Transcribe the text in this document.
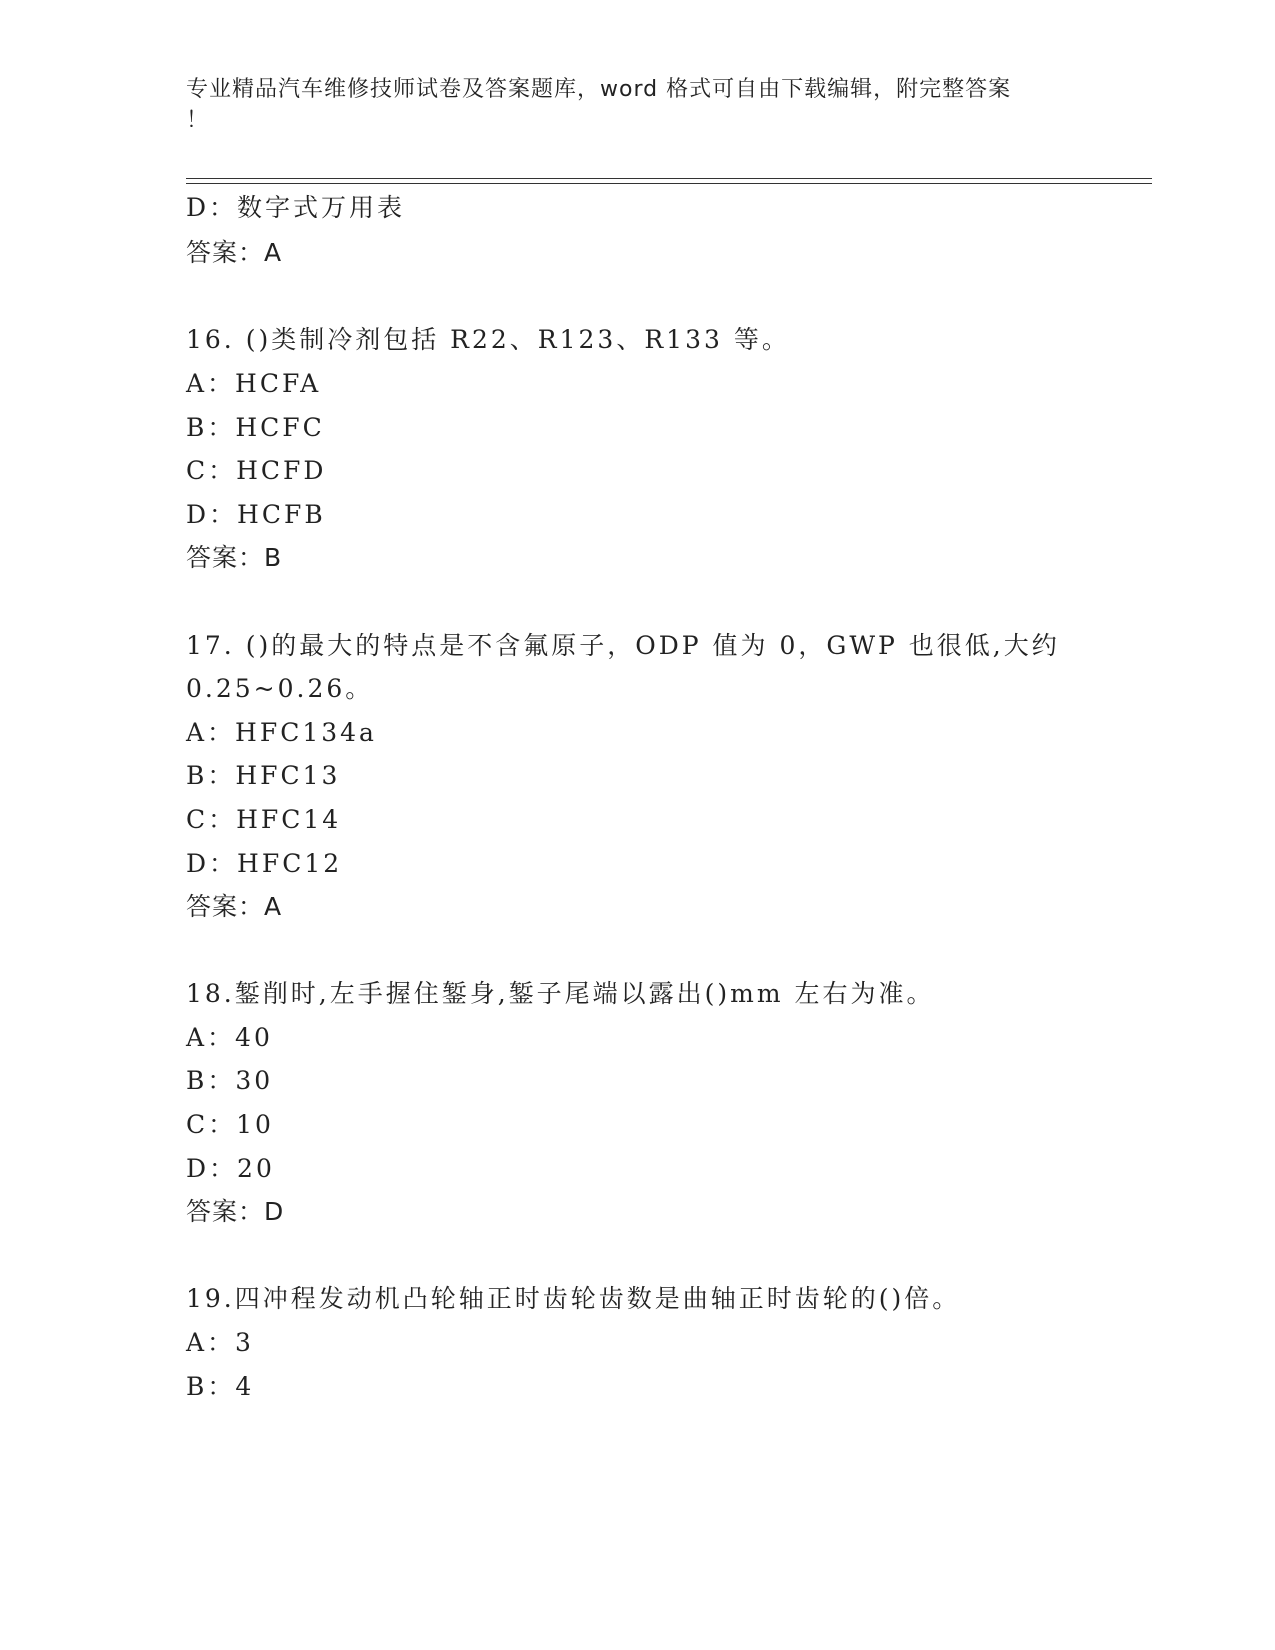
专业精品汽车维修技师试卷及答案题库，word 格式可自由下载编辑，附完整答案
！
D：数字式万用表
答案：A
16. ()类制冷剂包括 R22、R123、R133 等。
A：HCFA
B：HCFC
C：HCFD
D：HCFB
答案：B
17. ()的最大的特点是不含氟原子，ODP 值为 0，GWP 也很低,大约
0.25~0.26。
A：HFC134a
B：HFC13
C：HFC14
D：HFC12
答案：A
18.錾削时,左手握住錾身,錾子尾端以露出()mm 左右为准。
A：40
B：30
C：10
D：20
答案：D
19.四冲程发动机凸轮轴正时齿轮齿数是曲轴正时齿轮的()倍。
A：3
B：4
